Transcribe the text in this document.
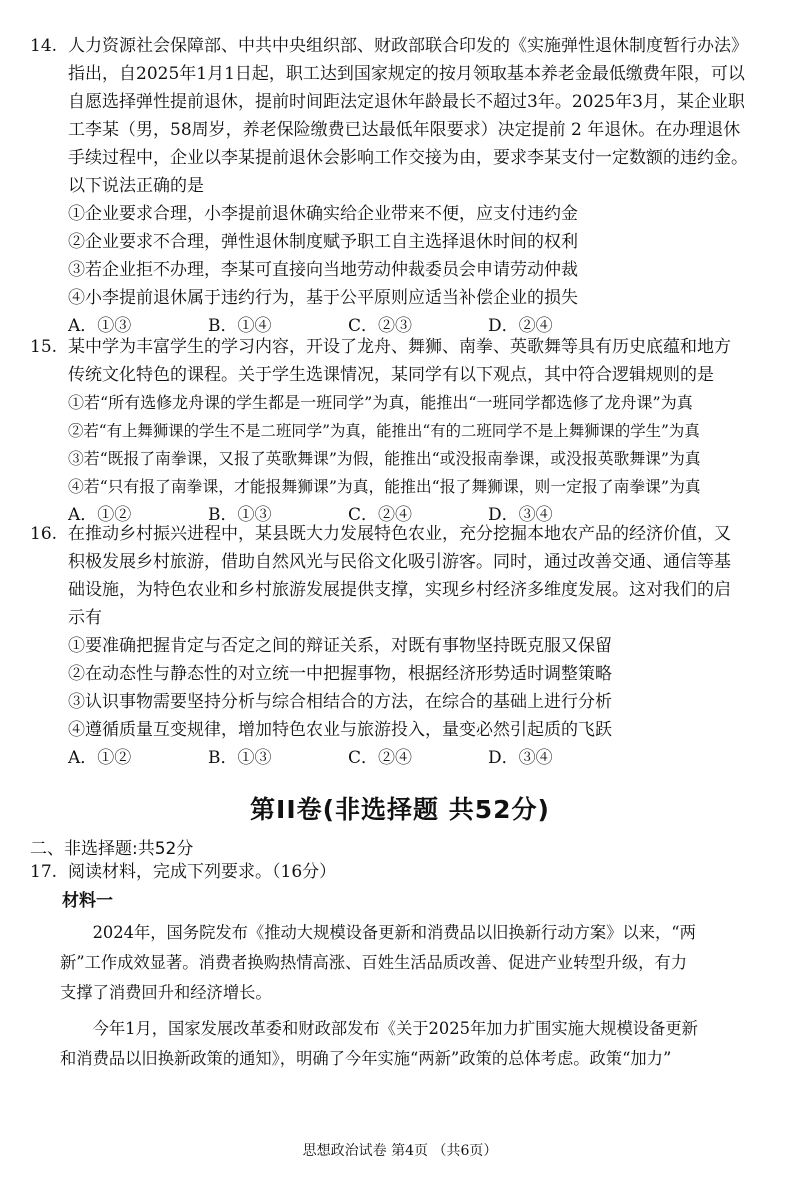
14. 人力资源社会保障部、中共中央组织部、财政部联合印发的《实施弹性退休制度暂行办法》
指出，自2025年1月1日起，职工达到国家规定的按月领取基本养老金最低缴费年限，可以
自愿选择弹性提前退休，提前时间距法定退休年龄最长不超过3年。2025年3月，某企业职
工李某（男，58周岁，养老保险缴费已达最低年限要求）决定提前 2 年退休。在办理退休
手续过程中，企业以李某提前退休会影响工作交接为由，要求李某支付一定数额的违约金。
以下说法正确的是
①企业要求合理，小李提前退休确实给企业带来不便，应支付违约金
②企业要求不合理，弹性退休制度赋予职工自主选择退休时间的权利
③若企业拒不办理，李某可直接向当地劳动仲裁委员会申请劳动仲裁
④小李提前退休属于违约行为，基于公平原则应适当补偿企业的损失
A．①③	B．①④	C．②③	D．②④
15. 某中学为丰富学生的学习内容，开设了龙舟、舞狮、南拳、英歌舞等具有历史底蕴和地方
传统文化特色的课程。关于学生选课情况，某同学有以下观点，其中符合逻辑规则的是
①若“所有选修龙舟课的学生都是一班同学”为真，能推出“一班同学都选修了龙舟课”为真
②若“有上舞狮课的学生不是二班同学”为真，能推出“有的二班同学不是上舞狮课的学生”为真
③若“既报了南拳课，又报了英歌舞课”为假，能推出“或没报南拳课，或没报英歌舞课”为真
④若“只有报了南拳课，才能报舞狮课”为真，能推出“报了舞狮课，则一定报了南拳课”为真
A．①②	B．①③	C．②④	D．③④
16. 在推动乡村振兴进程中，某县既大力发展特色农业，充分挖掘本地农产品的经济价值，又
积极发展乡村旅游，借助自然风光与民俗文化吸引游客。同时，通过改善交通、通信等基
础设施，为特色农业和乡村旅游发展提供支撑，实现乡村经济多维度发展。这对我们的启
示有
①要准确把握肯定与否定之间的辩证关系，对既有事物坚持既克服又保留
②在动态性与静态性的对立统一中把握事物，根据经济形势适时调整策略
③认识事物需要坚持分析与综合相结合的方法，在综合的基础上进行分析
④遵循质量互变规律，增加特色农业与旅游投入，量变必然引起质的飞跃
A．①②	B．①③	C．②④	D．③④
第II卷(非选择题 共52分)
二、非选择题:共52分
17. 阅读材料，完成下列要求。（16分）
材料一
　　2024年，国务院发布《推动大规模设备更新和消费品以旧换新行动方案》以来，“两
新”工作成效显著。消费者换购热情高涨、百姓生活品质改善、促进产业转型升级，有力
支撑了消费回升和经济增长。
　　今年1月，国家发展改革委和财政部发布《关于2025年加力扩围实施大规模设备更新
和消费品以旧换新政策的通知》，明确了今年实施“两新”政策的总体考虑。政策“加力”
思想政治试卷 第4页 （共6页）
